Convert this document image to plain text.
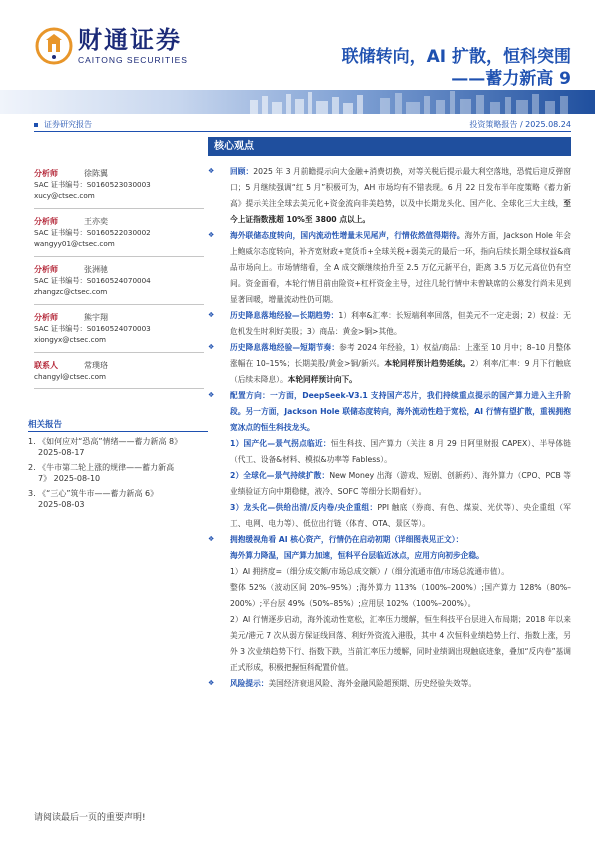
财通证券
CAITONG SECURITIES	联储转向，AI 扩散，恒科突围
——蓄力新高 9
证券研究报告	投资策略报告 / 2025.08.24
分析师	徐陈翼
SAC 证书编号：S0160523030003
xucy@ctsec.com
分析师	王亦奕
SAC 证书编号：S0160522030002
wangyy01@ctsec.com
分析师	张洲驰
SAC 证书编号：S0160524070004
zhangzc@ctsec.com
分析师	熊宇翔
SAC 证书编号：S0160524070003
xiongyx@ctsec.com
联系人	常璞珞
changyl@ctsec.com
相关报告
1. 《如何应对“恐高”情绪——蓄力新高 8》
2025-08-17
2. 《牛市第二轮上涨的规律——蓄力新高
7》 2025-08-10
3. 《“三心”筑牛市——蓄力新高 6》
2025-08-03
核心观点
❖	回顾：2025 年 3 月前瞻提示向大金融+消费切换，对等关税后提示最大利空落地，恐慌后迎反弹窗口；5 月继续强调“红 5 月”积极可为，AH 市场均有不错表现。6 月 22 日发布半年度策略《蓄力新高》提示关注全球去美元化+资金流向非美趋势，以及中长期龙头化、国产化、全球化三大主线，至今上证指数涨超 10%至 3800 点以上。
❖	海外联储态度转向，国内流动性增量未见尾声，行情依然值得期待。海外方面，Jackson Hole 年会上鲍威尔态度转向，补齐宽财政+宽货币+全球关税+弱美元的最后一环，指向后续长期全球权益&商品市场向上。市场情绪看，全 A 成交额继续抬升至 2.5 万亿元新平台，距离 3.5 万亿元高位仍有空间。资金面看，本轮行情目前由险资+杠杆资金主导，过往几轮行情中未曾缺席的公募发行尚未见到显著回暖，增量流动性仍可期。
❖	历史降息落地经验—长期趋势：1）利率&汇率：长短端利率回落，但美元不一定走弱；2）权益：无危机发生时利好美股；3）商品：黄金>铜>其他。
❖	历史降息落地经验—短期节奏：参考 2024 年经验，1）权益/商品：上涨至 10 月中；8–10 月整体涨幅在 10–15%；长期美股/黄金>铜/新兴。本轮同样预计趋势延续。2）利率/汇率：9 月下行触底（后续未降息）。本轮同样预计向下。
❖	配置方向：一方面，DeepSeek-V3.1 支持国产芯片，我们持续重点提示的国产算力进入主升阶段。另一方面，Jackson Hole 联储态度转向，海外流动性趋于宽松，AI 行情有望扩散，重视拥抱宽冰点的恒生科技龙头。
1）国产化—景气拐点临近：恒生科技、国产算力（关注 8 月 29 日阿里财报 CAPEX）、半导体链（代工、设备&材料、模拟&功率等 Fabless）。
2）全球化—景气持续扩散：New Money 出海（游戏、短剧、创新药）、海外算力（CPO、PCB 等业绩验证方向中期稳健，液冷、SOFC 等细分长期看好）。
3）龙头化—供给出清/反内卷/央企重组：PPI 触底（券商、有色、煤炭、光伏等）、央企重组（军工、电网、电力等）、低位出行链（体育、OTA、景区等）。
❖	拥抱缓视角看 AI 核心资产，行情仍在启动初期（详细图表见正文）：
海外算力降温，国产算力加速，恒科平台层临近冰点，应用方向初步企稳。
1）AI 拥挤度=（细分成交额/市场总成交额）/（细分流通市值/市场总流通市值）。
整体 52%（波动区间 20%–95%）;海外算力 113%（100%–200%）;国产算力 128%（80%–200%）;平台层 49%（50%–85%）;应用层 102%（100%–200%）。
2）AI 行情逐步启动，海外流动性宽松，汇率压力缓解，恒生科技平台层进入布局期；2018 年以来美元/港元 7 次从弱方保证线回落、利好外资流入港股，其中 4 次恒科业绩趋势上行、指数上涨，另外 3 次业绩趋势下行、指数下跌，当前汇率压力缓解，同时业绩调出现触底迹象，叠加“反内卷”基调正式形成，积极把握恒科配置价值。
❖	风险提示：美国经济衰退风险、海外金融风险超预期、历史经验失效等。
请阅读最后一页的重要声明!
